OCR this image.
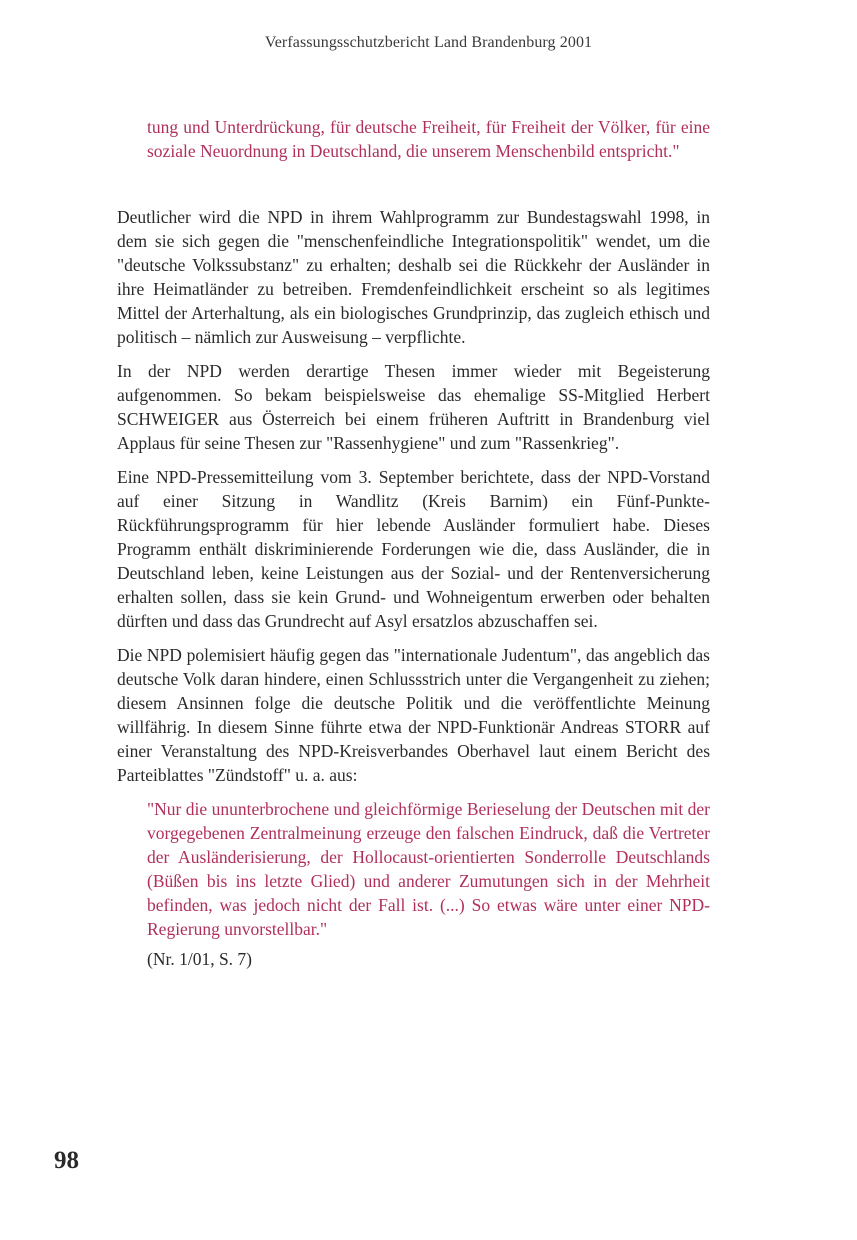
Verfassungsschutzbericht Land Brandenburg 2001
tung und Unterdrückung, für deutsche Freiheit, für Freiheit der Völker, für eine soziale Neuordnung in Deutschland, die unserem Menschenbild entspricht."

Deutlicher wird die NPD in ihrem Wahlprogramm zur Bundestagswahl 1998, in dem sie sich gegen die "menschenfeindliche Integrationspolitik" wendet, um die "deutsche Volkssubstanz" zu erhalten; deshalb sei die Rückkehr der Ausländer in ihre Heimatländer zu betreiben. Fremdenfeindlichkeit erscheint so als legitimes Mittel der Arterhaltung, als ein biologisches Grundprinzip, das zugleich ethisch und politisch – nämlich zur Ausweisung – verpflichte.

In der NPD werden derartige Thesen immer wieder mit Begeisterung aufgenommen. So bekam beispielsweise das ehemalige SS-Mitglied Herbert SCHWEIGER aus Österreich bei einem früheren Auftritt in Brandenburg viel Applaus für seine Thesen zur "Rassenhygiene" und zum "Rassenkrieg".

Eine NPD-Pressemitteilung vom 3. September berichtete, dass der NPD-Vorstand auf einer Sitzung in Wandlitz (Kreis Barnim) ein Fünf-Punkte-Rückführungsprogramm für hier lebende Ausländer formuliert habe. Dieses Programm enthält diskriminierende Forderungen wie die, dass Ausländer, die in Deutschland leben, keine Leistungen aus der Sozial- und der Rentenversicherung erhalten sollen, dass sie kein Grund- und Wohneigentum erwerben oder behalten dürften und dass das Grundrecht auf Asyl ersatzlos abzuschaffen sei.

Die NPD polemisiert häufig gegen das "internationale Judentum", das angeblich das deutsche Volk daran hindere, einen Schlussstrich unter die Vergangenheit zu ziehen; diesem Ansinnen folge die deutsche Politik und die veröffentlichte Meinung willfährig. In diesem Sinne führte etwa der NPD-Funktionär Andreas STORR auf einer Veranstaltung des NPD-Kreisverbandes Oberhavel laut einem Bericht des Parteiblattes "Zündstoff" u. a. aus:

"Nur die ununterbrochene und gleichförmige Berieselung der Deutschen mit der vorgegebenen Zentralmeinung erzeuge den falschen Eindruck, daß die Vertreter der Ausländerisierung, der Hollocaust-orientierten Sonderrolle Deutschlands (Büßen bis ins letzte Glied) und anderer Zumutungen sich in der Mehrheit befinden, was jedoch nicht der Fall ist. (...) So etwas wäre unter einer NPD-Regierung unvorstellbar."
(Nr. 1/01, S. 7)
98
